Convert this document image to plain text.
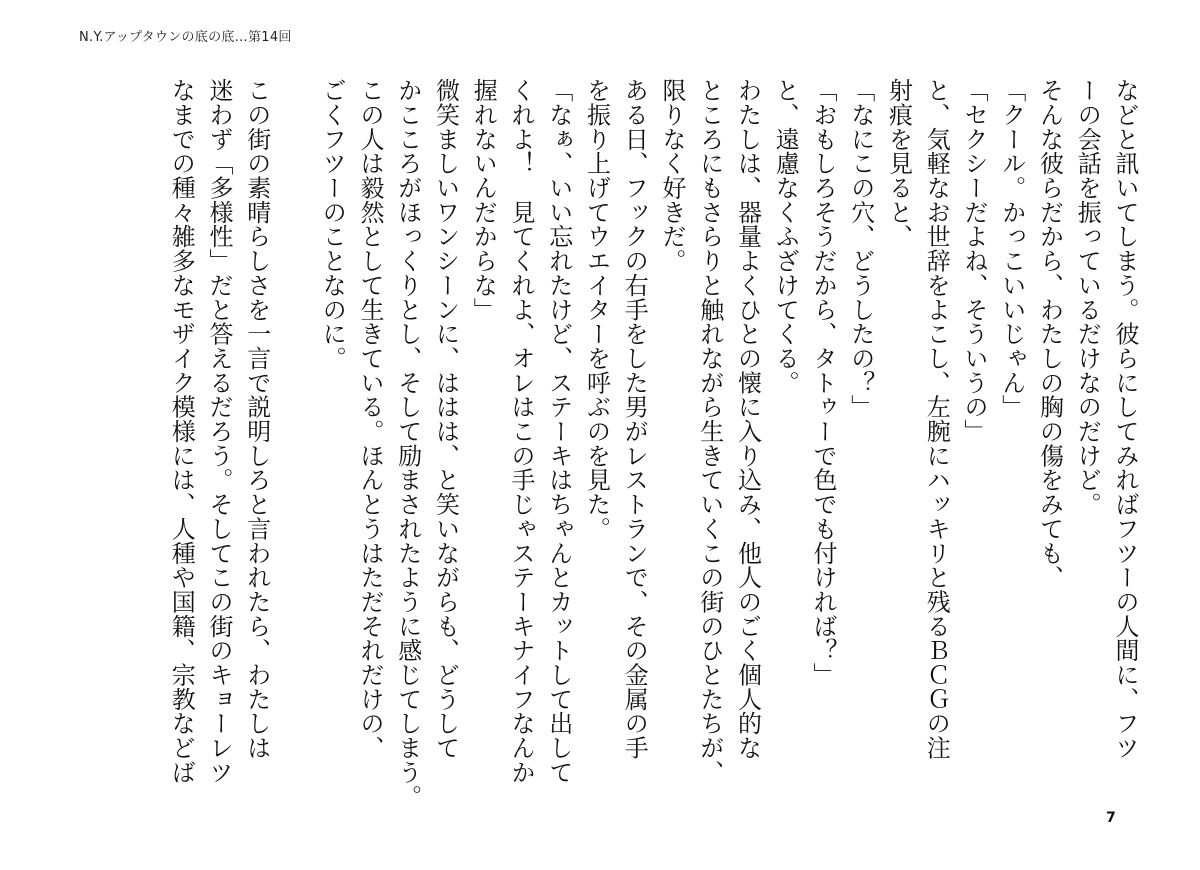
N.Y.アップタウンの底の底…第14回
などと訊いてしまう。彼らにしてみればフツーの人間に、フツ
ーの会話を振っているだけなのだけど。
そんな彼らだから、わたしの胸の傷をみても、
「クール。かっこいいじゃん」
「セクシーだよね、そういうの」
と、気軽なお世辞をよこし、左腕にハッキリと残るＢＣＧの注
射痕を見ると、
「なにこの穴、どうしたの？」
「おもしろそうだから、タトゥーで色でも付ければ？」
と、遠慮なくふざけてくる。
わたしは、器量よくひとの懐に入り込み、他人のごく個人的な
ところにもさらりと触れながら生きていくこの街のひとたちが、
限りなく好きだ。
ある日、フックの右手をした男がレストランで、その金属の手
を振り上げてウエイターを呼ぶのを見た。
「なぁ、いい忘れたけど、ステーキはちゃんとカットして出して
くれよ！　見てくれよ、オレはこの手じゃステーキナイフなんか
握れないんだからな」
微笑ましいワンシーンに、ははは、と笑いながらも、どうして
かこころがほっくりとし、そして励まされたように感じてしまう。
この人は毅然として生きている。ほんとうはただそれだけの、
ごくフツーのことなのに。

この街の素晴らしさを一言で説明しろと言われたら、わたしは
迷わず「多様性」だと答えるだろう。そしてこの街のキョーレツ
なまでの種々雑多なモザイク模様には、人種や国籍、宗教などば
7
